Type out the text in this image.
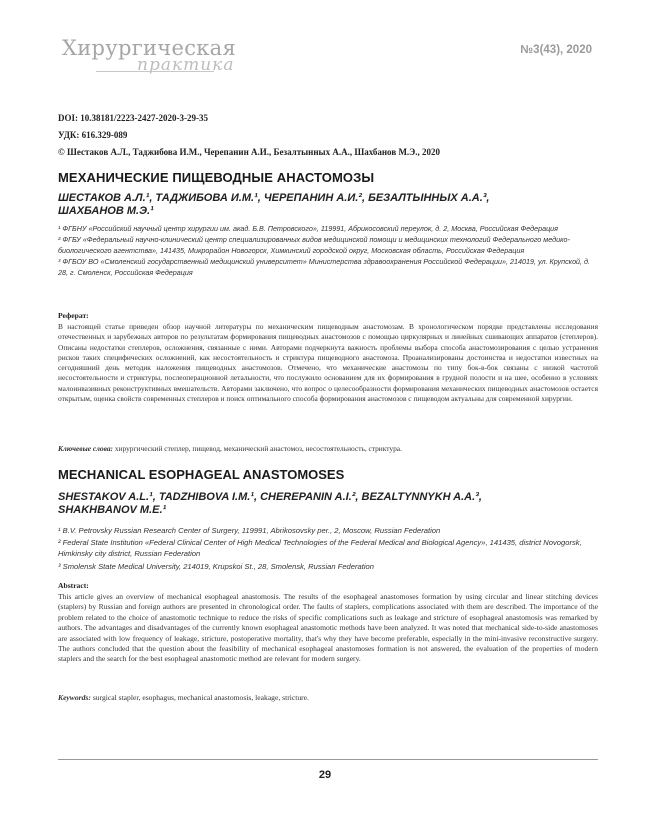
Хирургическая
практика
№3(43), 2020
DOI: 10.38181/2223-2427-2020-3-29-35
УДК: 616.329-089
© Шестаков А.Л., Таджибова И.М., Черепанин А.И., Безалтынных А.А., Шахбанов М.Э., 2020
МЕХАНИЧЕСКИЕ ПИЩЕВОДНЫЕ АНАСТОМОЗЫ
ШЕСТАКОВ А.Л.¹, ТАДЖИБОВА И.М.¹, ЧЕРЕПАНИН А.И.², БЕЗАЛТЫННЫХ А.А.³,
ШАХБАНОВ М.Э.¹

¹ ФГБНУ «Российский научный центр хирургии им. акад. Б.В. Петровского», 119991, Абрикосовский переулок, д. 2, Москва, Российская Федерация

² ФГБУ «Федеральный научно-клинический центр специализированных видов медицинской помощи и медицинских технологий Федерального медико-биологического агентства», 141435, Микрорайон Новогорск, Химкинский городской округ, Московская область, Российская Федерация

³ ФГБОУ ВО «Смоленский государственный медицинский университет» Министерства здравоохранения Российской Федерации», 214019, ул. Крупской, д. 28, г. Смоленск, Российская Федерация

Реферат:
В настоящей статье приведен обзор научной литературы по механическим пищеводным анастомозам. В хронологическом порядке представлены исследования отечественных и зарубежных авторов по результатам формирования пищеводных анастомозов с помощью циркулярных и линейных сшивающих аппаратов (степлеров). Описаны недостатки степлеров, осложнения, связанные с ними. Авторами подчеркнута важность проблемы выбора способа анастомозирования с целью устранения рисков таких специфических осложнений, как несостоятельность и стриктура пищеводного анастомоза. Проанализированы достоинства и недостатки известных на сегодняшний день методик наложения пищеводных анастомозов. Отмечено, что механические анастомозы по типу бок-в-бок связаны с низкой частотой несостоятельности и стриктуры, послеоперационной летальности, что послужило основанием для их формирования в грудной полости и на шее, особенно в условиях малоинвазивных реконструктивных вмешательств. Авторами заключено, что вопрос о целесообразности формирования механических пищеводных анастомозов остается открытым, оценка свойств современных степлеров и поиск оптимального способа формирования анастомозов с пищеводом актуальны для современной хирургии.
Ключевые слова: хирургический степлер, пищевод, механический анастомоз, несостоятельность, стриктура.
MECHANICAL ESOPHAGEAL ANASTOMOSES
SHESTAKOV A.L.¹, TADZHIBOVA I.M.¹, CHEREPANIN A.I.², BEZALTYNNYKH A.A.³,
SHAKHBANOV M.E.¹

¹ B.V. Petrovsky Russian Research Center of Surgery, 119991, Abrikosovsky per., 2, Moscow, Russian Federation

² Federal State Institution «Federal Clinical Center of High Medical Technologies of the Federal Medical and Biological Agency», 141435, district Novogorsk, Himkinsky city district, Russian Federation

³ Smolensk State Medical University, 214019, Krupskoi St., 28, Smolensk, Russian Federation

Abstract:
This article gives an overview of mechanical esophageal anastomosis. The results of the esophageal anastomoses formation by using circular and linear stitching devices (staplers) by Russian and foreign authors are presented in chronological order. The faults of staplers, complications associated with them are described. The importance of the problem related to the choice of anastomotic technique to reduce the risks of specific complications such as leakage and stricture of esophageal anastomosis was remarked by authors. The advantages and disadvantages of the currently known esophageal anastomotic methods have been analyzed. It was noted that mechanical side-to-side anastomoses are associated with low frequency of leakage, stricture, postoperative mortality, that's why they have become preferable, especially in the mini-invasive reconstructive surgery. The authors concluded that the question about the feasibility of mechanical esophageal anastomoses formation is not answered, the evaluation of the properties of modern staplers and the search for the best esophageal anastomotic method are relevant for modern surgery.
Keywords: surgical stapler, esophagus, mechanical anastomosis, leakage, stricture.
29
